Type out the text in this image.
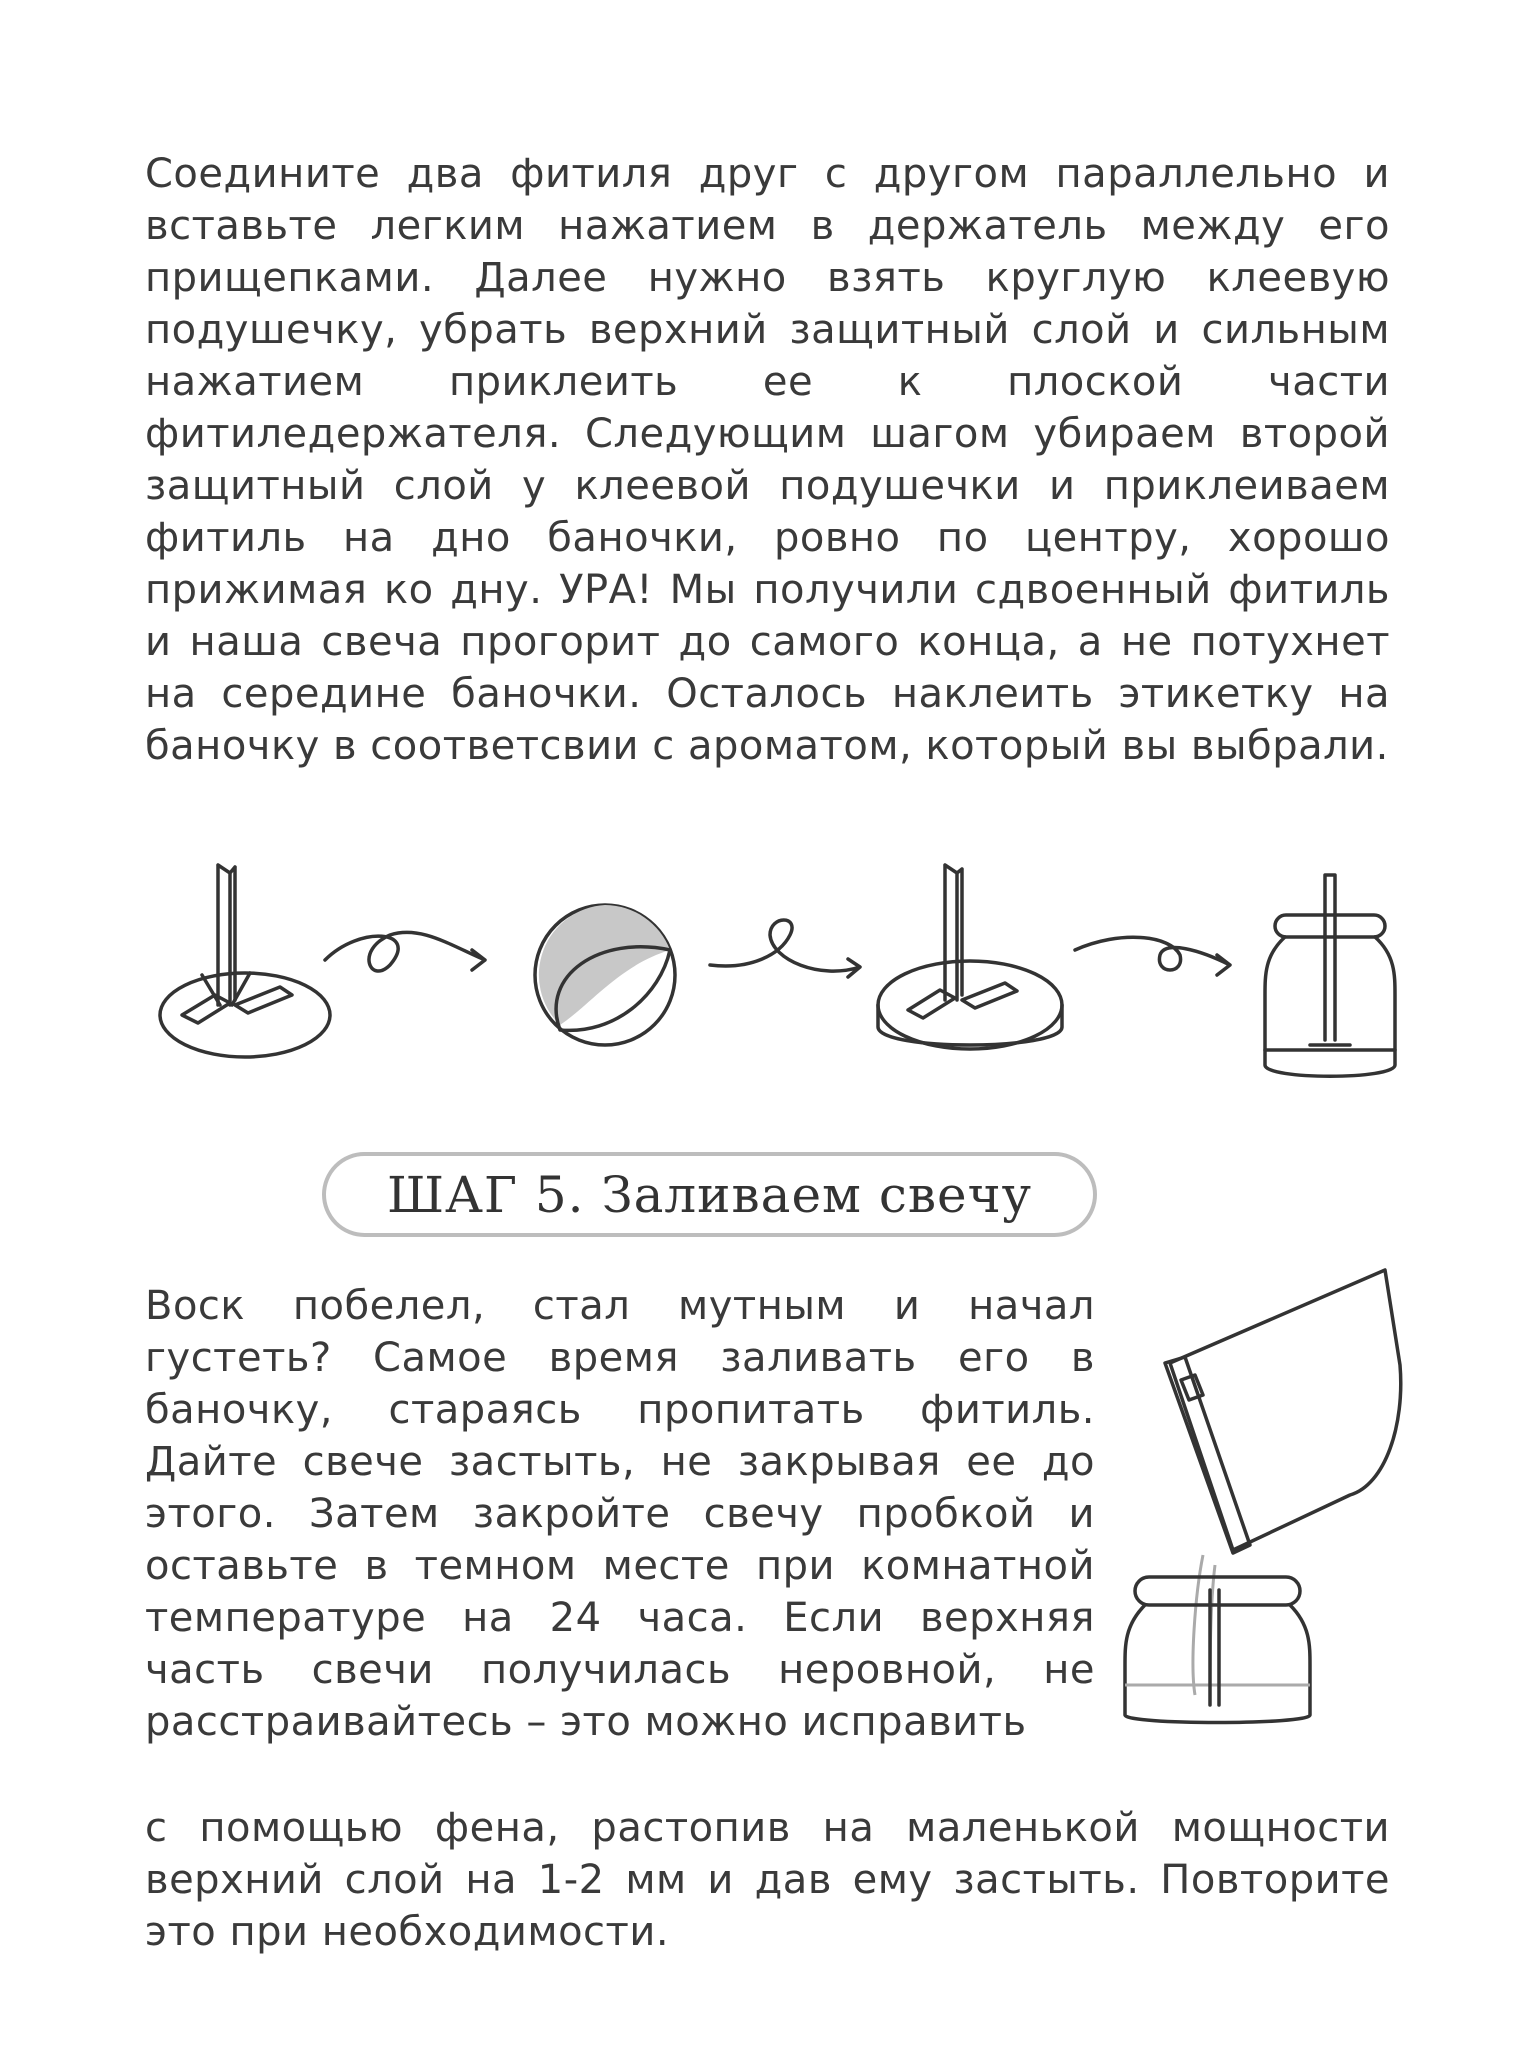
Соедините два фитиля друг с другом параллельно и вставьте легким нажатием в держатель между его прищепками. Далее нужно взять круглую клеевую подушечку, убрать верхний защитный слой и сильным нажатием приклеить ее к плоской части фитиледержателя. Следующим шагом убираем второй защитный слой у клеевой подушечки и приклеиваем фитиль на дно баночки, ровно по центру, хорошо прижимая ко дну. УРА! Мы получили сдвоенный фитиль и наша свеча прогорит до самого конца, а не потухнет на середине баночки. Осталось наклеить этикетку на баночку в соответсвии с ароматом, который вы выбрали.

ШАГ 5. Заливаем свечу

Воск побелел, стал мутным и начал густеть? Самое время заливать его в баночку, стараясь пропитать фитиль. Дайте свече застыть, не закрывая ее до этого. Затем закройте свечу пробкой и оставьте в темном месте при комнатной температуре на 24 часа. Если верхняя часть свечи получилась неровной, не расстраивайтесь – это можно исправить

с помощью фена, растопив на маленькой мощности верхний слой на 1-2 мм и дав ему застыть. Повторите это при необходимости.
